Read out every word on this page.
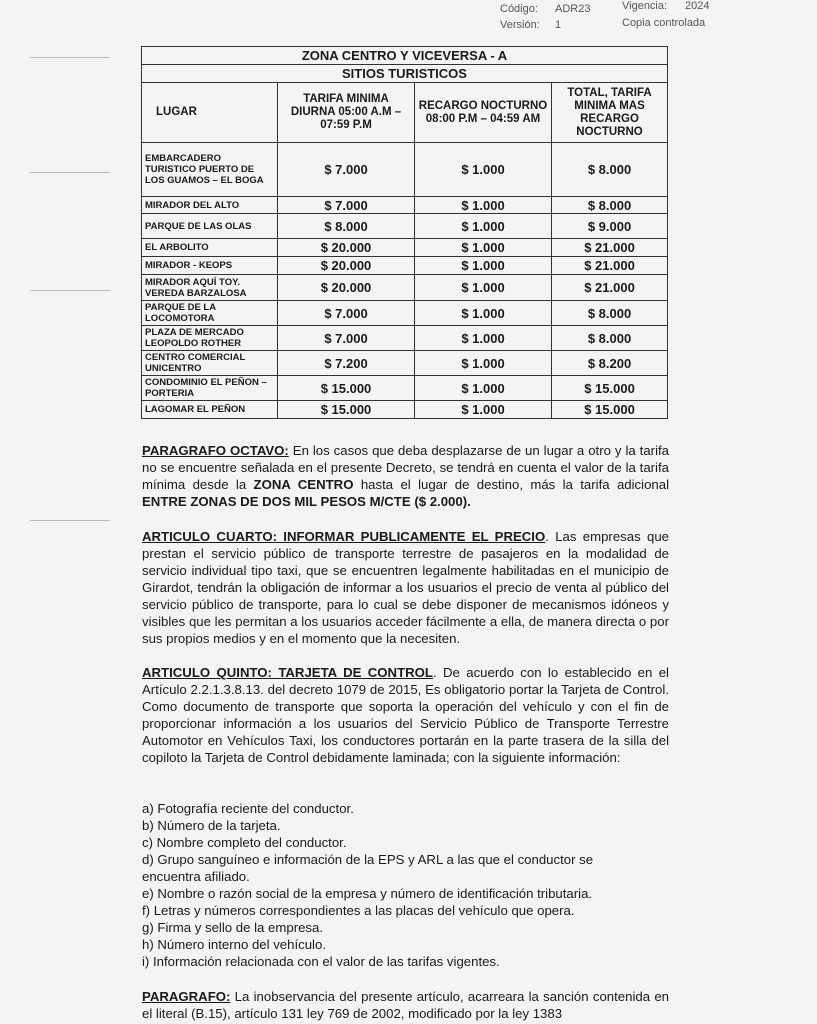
Código: ADR23	Vigencia: 2024
Versión: 1	Copia controlada
ZONA CENTRO Y VICEVERSA - A			
SITIOS TURISTICOS			
LUGAR	TARIFA MINIMA DIURNA 05:00 A.M – 07:59 P.M	RECARGO NOCTURNO 08:00 P.M – 04:59 AM	TOTAL, TARIFA MINIMA MAS RECARGO NOCTURNO
EMBARCADERO TURISTICO PUERTO DE LOS GUAMOS – EL BOGA	$ 7.000	$ 1.000	$ 8.000
MIRADOR DEL ALTO	$ 7.000	$ 1.000	$ 8.000
PARQUE DE LAS OLAS	$ 8.000	$ 1.000	$ 9.000
EL ARBOLITO	$ 20.000	$ 1.000	$ 21.000
MIRADOR - KEOPS	$ 20.000	$ 1.000	$ 21.000
MIRADOR AQUÍ TOY. VEREDA BARZALOSA	$ 20.000	$ 1.000	$ 21.000
PARQUE DE LA LOCOMOTORA	$ 7.000	$ 1.000	$ 8.000
PLAZA DE MERCADO LEOPOLDO ROTHER	$ 7.000	$ 1.000	$ 8.000
CENTRO COMERCIAL UNICENTRO	$ 7.200	$ 1.000	$ 8.200
CONDOMINIO EL PEÑON – PORTERIA	$ 15.000	$ 1.000	$ 15.000
LAGOMAR EL PEÑON	$ 15.000	$ 1.000	$ 15.000
PARAGRAFO OCTAVO: En los casos que deba desplazarse de un lugar a otro y la tarifa no se encuentre señalada en el presente Decreto, se tendrá en cuenta el valor de la tarifa mínima desde la ZONA CENTRO hasta el lugar de destino, más la tarifa adicional ENTRE ZONAS DE DOS MIL PESOS M/CTE ($ 2.000).
ARTICULO CUARTO: INFORMAR PUBLICAMENTE EL PRECIO. Las empresas que prestan el servicio público de transporte terrestre de pasajeros en la modalidad de servicio individual tipo taxi, que se encuentren legalmente habilitadas en el municipio de Girardot, tendrán la obligación de informar a los usuarios el precio de venta al público del servicio público de transporte, para lo cual se debe disponer de mecanismos idóneos y visibles que les permitan a los usuarios acceder fácilmente a ella, de manera directa o por sus propios medios y en el momento que la necesiten.
ARTICULO QUINTO: TARJETA DE CONTROL. De acuerdo con lo establecido en el Artículo 2.2.1.3.8.13. del decreto 1079 de 2015, Es obligatorio portar la Tarjeta de Control. Como documento de transporte que soporta la operación del vehículo y con el fin de proporcionar información a los usuarios del Servicio Público de Transporte Terrestre Automotor en Vehículos Taxi, los conductores portarán en la parte trasera de la silla del copiloto la Tarjeta de Control debidamente laminada; con la siguiente información:
a) Fotografía reciente del conductor.
b) Número de la tarjeta.
c) Nombre completo del conductor.
d) Grupo sanguíneo e información de la EPS y ARL a las que el conductor se
encuentra afiliado.
e) Nombre o razón social de la empresa y número de identificación tributaria.
f) Letras y números correspondientes a las placas del vehículo que opera.
g) Firma y sello de la empresa.
h) Número interno del vehículo.
i) Información relacionada con el valor de las tarifas vigentes.
PARAGRAFO: La inobservancia del presente artículo, acarreara la sanción contenida en el literal (B.15), artículo 131 ley 769 de 2002, modificado por la ley 1383
